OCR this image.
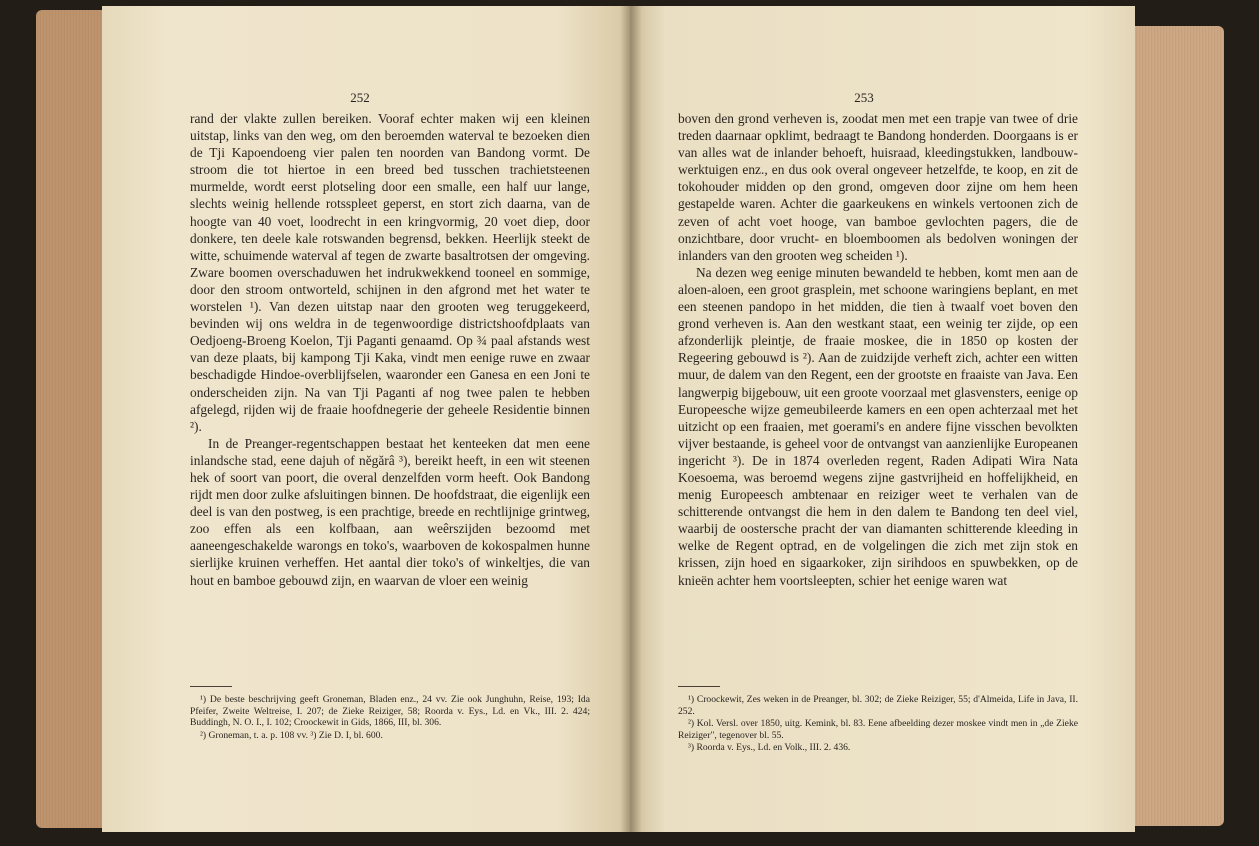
252

rand der vlakte zullen bereiken. Vooraf echter maken wij een kleinen uitstap, links van den weg, om den beroemden waterval te bezoeken dien de Tji Kapoendoeng vier palen ten noorden van Bandong vormt. De stroom die tot hiertoe in een breed bed tusschen trachietsteenen murmelde, wordt eerst plotseling door een smalle, een half uur lange, slechts weinig hellende rotsspleet geperst, en stort zich daarna, van de hoogte van 40 voet, loodrecht in een kringvormig, 20 voet diep, door donkere, ten deele kale rotswanden begrensd, bekken. Heerlijk steekt de witte, schuimende waterval af tegen de zwarte basaltrotsen der omgeving. Zware boomen overschaduwen het indrukwekkend tooneel en sommige, door den stroom ontworteld, schijnen in den afgrond met het water te worstelen ¹). Van dezen uitstap naar den grooten weg teruggekeerd, bevinden wij ons weldra in de tegenwoordige districtshoofdplaats van Oedjoeng-Broeng Koelon, Tji Paganti genaamd. Op ¾ paal afstands west van deze plaats, bij kampong Tji Kaka, vindt men eenige ruwe en zwaar beschadigde Hindoe-overblijfselen, waaronder een Ganesa en een Joni te onderscheiden zijn. Na van Tji Paganti af nog twee palen te hebben afgelegd, rijden wij de fraaie hoofdnegerie der geheele Residentie binnen ²).

In de Preanger-regentschappen bestaat het kenteeken dat men eene inlandsche stad, eene dajuh of nĕgărâ ³), bereikt heeft, in een wit steenen hek of soort van poort, die overal denzelfden vorm heeft. Ook Bandong rijdt men door zulke afsluitingen binnen. De hoofdstraat, die eigenlijk een deel is van den postweg, is een prachtige, breede en rechtlijnige grintweg, zoo effen als een kolfbaan, aan weêrszijden bezoomd met aaneengeschakelde warongs en toko's, waarboven de kokospalmen hunne sierlijke kruinen verheffen. Het aantal dier toko's of winkeltjes, die van hout en bamboe gebouwd zijn, en waarvan de vloer een weinig

¹) De beste beschrijving geeft Groneman, Bladen enz., 24 vv. Zie ook Junghuhn, Reise, 193; Ida Pfeifer, Zweite Weltreise, I. 207; de Zieke Reiziger, 58; Roorda v. Eys., Ld. en Vk., III. 2. 424; Buddingh, N. O. I., I. 102; Croockewit in Gids, 1866, III, bl. 306.
²) Groneman, t. a. p. 108 vv. ³) Zie D. I, bl. 600.
253

boven den grond verheven is, zoodat men met een trapje van twee of drie treden daarnaar opklimt, bedraagt te Bandong honderden. Doorgaans is er van alles wat de inlander behoeft, huisraad, kleedingstukken, landbouw-werktuigen enz., en dus ook overal ongeveer hetzelfde, te koop, en zit de tokohouder midden op den grond, omgeven door zijne om hem heen gestapelde waren. Achter die gaarkeukens en winkels vertoonen zich de zeven of acht voet hooge, van bamboe gevlochten pagers, die de onzichtbare, door vrucht- en bloemboomen als bedolven woningen der inlanders van den grooten weg scheiden ¹).

Na dezen weg eenige minuten bewandeld te hebben, komt men aan de aloen-aloen, een groot grasplein, met schoone waringiens beplant, en met een steenen pandopo in het midden, die tien à twaalf voet boven den grond verheven is. Aan den westkant staat, een weinig ter zijde, op een afzonderlijk pleintje, de fraaie moskee, die in 1850 op kosten der Regeering gebouwd is ²). Aan de zuidzijde verheft zich, achter een witten muur, de dalem van den Regent, een der grootste en fraaiste van Java. Een langwerpig bijgebouw, uit een groote voorzaal met glasvensters, eenige op Europeesche wijze gemeubileerde kamers en een open achterzaal met het uitzicht op een fraaien, met goerami's en andere fijne visschen bevolkten vijver bestaande, is geheel voor de ontvangst van aanzienlijke Europeanen ingericht ³). De in 1874 overleden regent, Raden Adipati Wira Nata Koesoema, was beroemd wegens zijne gastvrijheid en hoffelijkheid, en menig Europeesch ambtenaar en reiziger weet te verhalen van de schitterende ontvangst die hem in den dalem te Bandong ten deel viel, waarbij de oostersche pracht der van diamanten schitterende kleeding in welke de Regent optrad, en de volgelingen die zich met zijn stok en krissen, zijn hoed en sigaarkoker, zijn sirihdoos en spuwbekken, op de knieën achter hem voortsleepten, schier het eenige waren wat

¹) Croockewit, Zes weken in de Preanger, bl. 302; de Zieke Reiziger, 55; d'Almeida, Life in Java, II. 252.
²) Kol. Versl. over 1850, uitg. Kemink, bl. 83. Eene afbeelding dezer moskee vindt men in „de Zieke Reiziger", tegenover bl. 55.
³) Roorda v. Eys., Ld. en Volk., III. 2. 436.
